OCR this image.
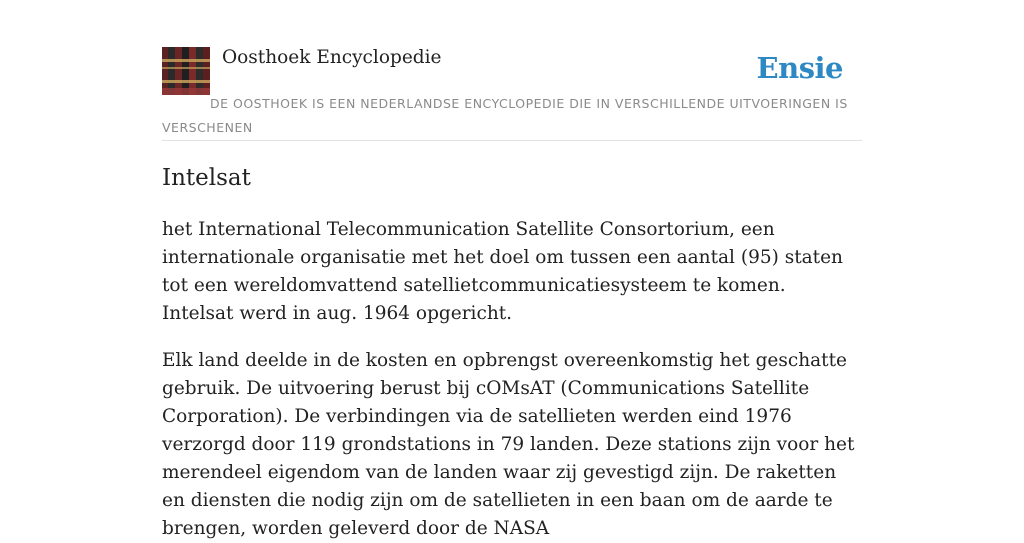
Oosthoek Encyclopedie	Ensie

DE OOSTHOEK IS EEN NEDERLANDSE ENCYCLOPEDIE DIE IN VERSCHILLENDE UITVOERINGEN IS VERSCHENEN

Intelsat

het International Telecommunication Satellite Consortorium, een internationale organisatie met het doel om tussen een aantal (95) staten tot een wereldomvattend satellietcommunicatiesysteem te komen. Intelsat werd in aug. 1964 opgericht.

Elk land deelde in de kosten en opbrengst overeenkomstig het geschatte gebruik. De uitvoering berust bij cOMsAT (Communications Satellite Corporation). De verbindingen via de satellieten werden eind 1976 verzorgd door 119 grondstations in 79 landen. Deze stations zijn voor het merendeel eigendom van de landen waar zij gevestigd zijn. De raketten en diensten die nodig zijn om de satellieten in een baan om de aarde te brengen, worden geleverd door de NASA
